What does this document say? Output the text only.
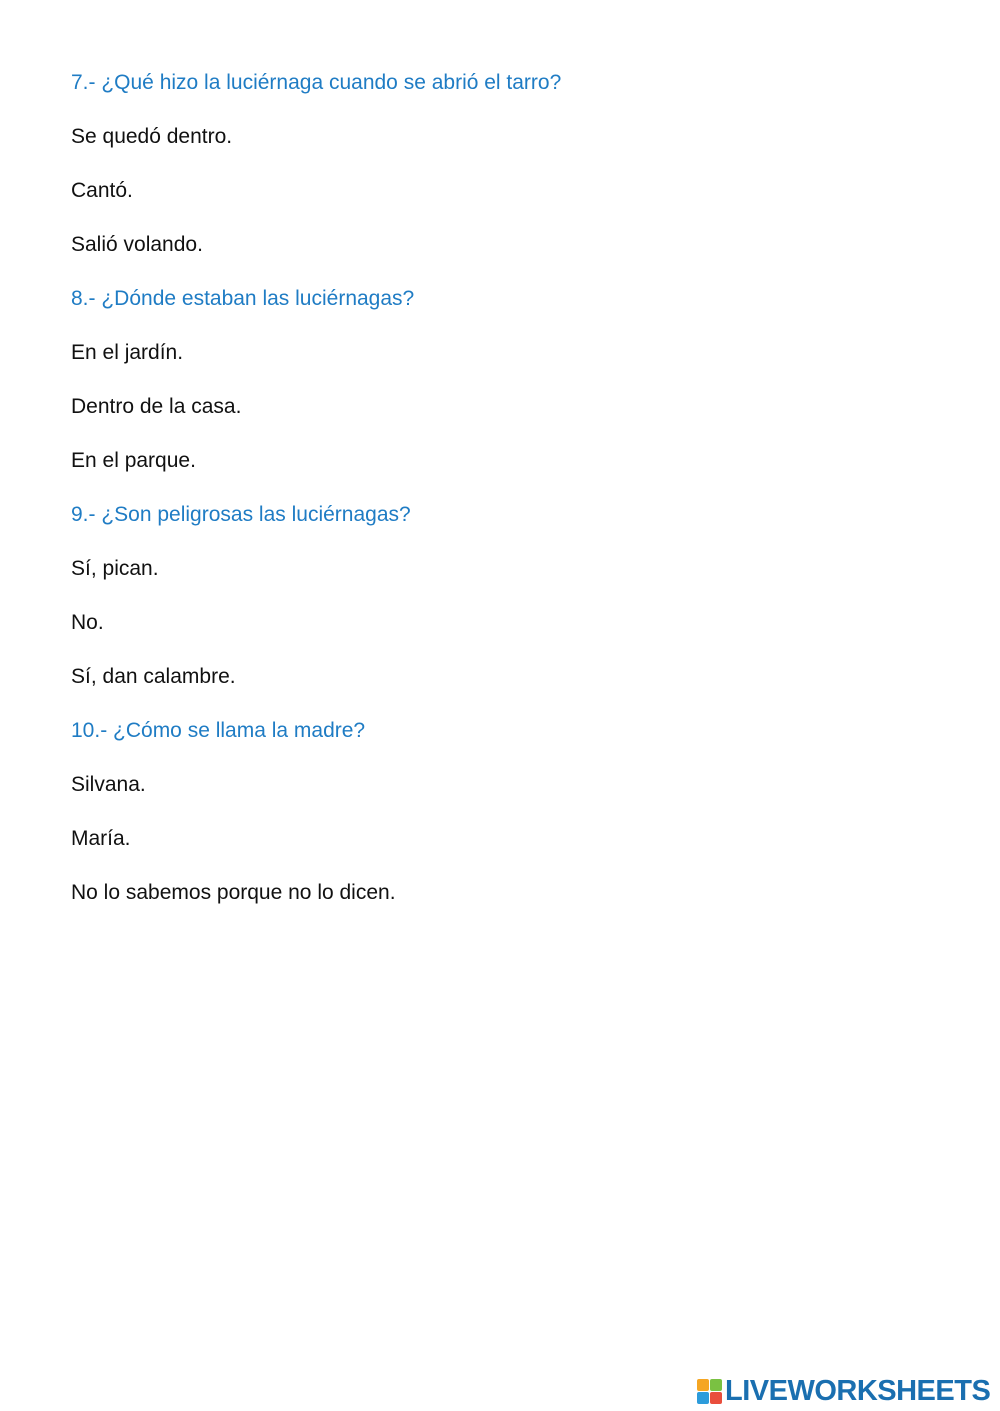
7.- ¿Qué hizo la luciérnaga cuando se abrió el tarro?
Se quedó dentro.
Cantó.
Salió volando.
8.- ¿Dónde estaban las luciérnagas?
En el jardín.
Dentro de la casa.
En el parque.
9.- ¿Son peligrosas las luciérnagas?
Sí, pican.
No.
Sí, dan calambre.
10.- ¿Cómo se llama la madre?
Silvana.
María.
No lo sabemos porque no lo dicen.
LIVEWORKSHEETS
